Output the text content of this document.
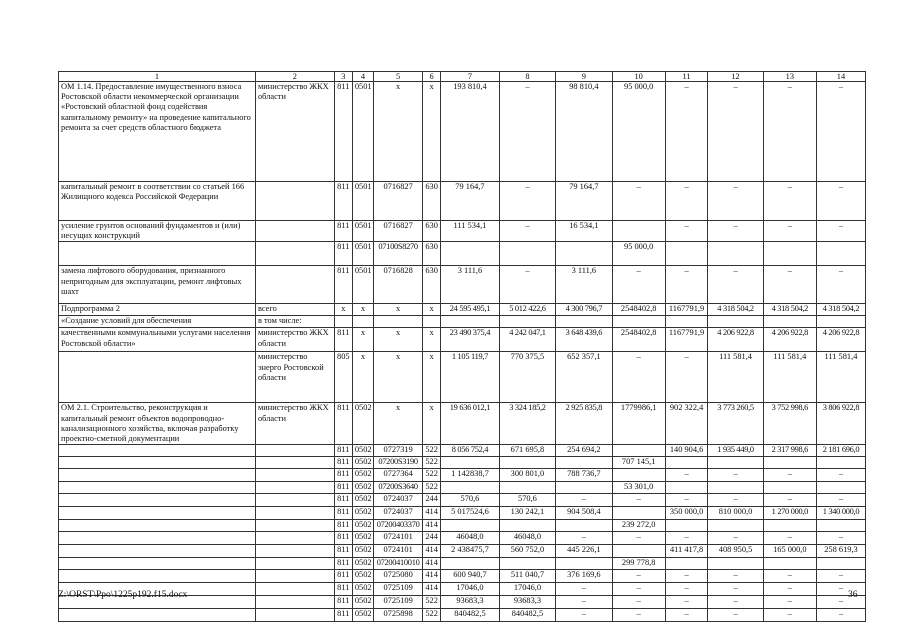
1	2	3	4	5	6	7	8	9	10	11	12	13	14
ОМ 1.14. Предоставление имущественного взноса Ростовской области некоммерческой организации «Ростовский областной фонд содействия капитальному ремонту» на проведение капитального ремонта за счет средств областного бюджета	министерство ЖКХ области	811	0501	х	х	193 810,4	–	98 810,4	95 000,0	–	–	–	–
капитальный ремонт в соответствии со статьей 166 Жилищного кодекса Российской Федерации		811	0501	0716827	630	79 164,7	–	79 164,7	–	–	–	–	–
усиление грунтов оснований фундаментов и (или) несущих конструкций		811	0501	0716827	630	111 534,1	–	16 534,1		–	–	–	–
		811	0501	07100S8270	630				95 000,0				
замена лифтового оборудования, признанного непригодным для эксплуатации, ремонт лифтовых шахт		811	0501	0716828	630	3 111,6	–	3 111,6	–	–	–	–	–
Подпрограмма 2	всего	х	х	х	х	24 595 495,1	5 012 422,6	4 300 796,7	2548402,8	1167791,9	4 318 504,2	4 318 504,2	4 318 504,2
«Создание условий для обеспечения	в том числе:												
качественными коммунальными услугами населения Ростовской области»	министерство ЖКХ области	811	х	х	х	23 490 375,4	4 242 047,1	3 648 439,6	2548402,8	1167791,9	4 206 922,8	4 206 922,8	4 206 922,8
	министерство энерго Ростовской области	805	х	х	х	1 105 119,7	770 375,5	652 357,1	–	–	111 581,4	111 581,4	111 581,4
ОМ 2.1. Строительство, реконструкция и капитальный ремонт объектов водопроводно-канализационного хозяйства, включая разработку проектно-сметной документации	министерство ЖКХ области	811	0502	х	х	19 636 012,1	3 324 185,2	2 925 835,8	1779986,1	902 322,4	3 773 260,5	3 752 998,6	3 806 922,8
		811	0502	0727319	522	8 056 752,4	671 695,8	254 694,2		140 904,6	1 935 449,0	2 317 998,6	2 181 696,0
		811	0502	07200S3190	522				707 145,1				
		811	0502	0727364	522	1 142838,7	300 801,0	788 736,7		–	–	–	–
		811	0502	07200S3640	522				53 301,0				
		811	0502	0724037	244	570,6	570,6	–	–	–	–	–	–
		811	0502	0724037	414	5 017524,6	130 242,1	904 508,4		350 000,0	810 000,0	1 270 000,0	1 340 000,0
		811	0502	07200403370	414				239 272,0				
		811	0502	0724101	244	46048,0	46048,0	–	–	–	–	–	–
		811	0502	0724101	414	2 438475,7	560 752,0	445 226,1		411 417,8	408 950,5	165 000,0	258 619,3
		811	0502	07200410010	414				299 778,8				
		811	0502	0725080	414	600 940,7	511 040,7	376 169,6	–	–	–	–	–
		811	0502	0725109	414	17046,0	17046,0	–	–	–	–	–	–
		811	0502	0725109	522	93683,3	93683,3	–	–	–	–	–	–
		811	0502	0725898	522	840482,5	840482,5	–	–	–	–	–	–
Z:\ORST\Ppo\1225p192.f15.docx	36
